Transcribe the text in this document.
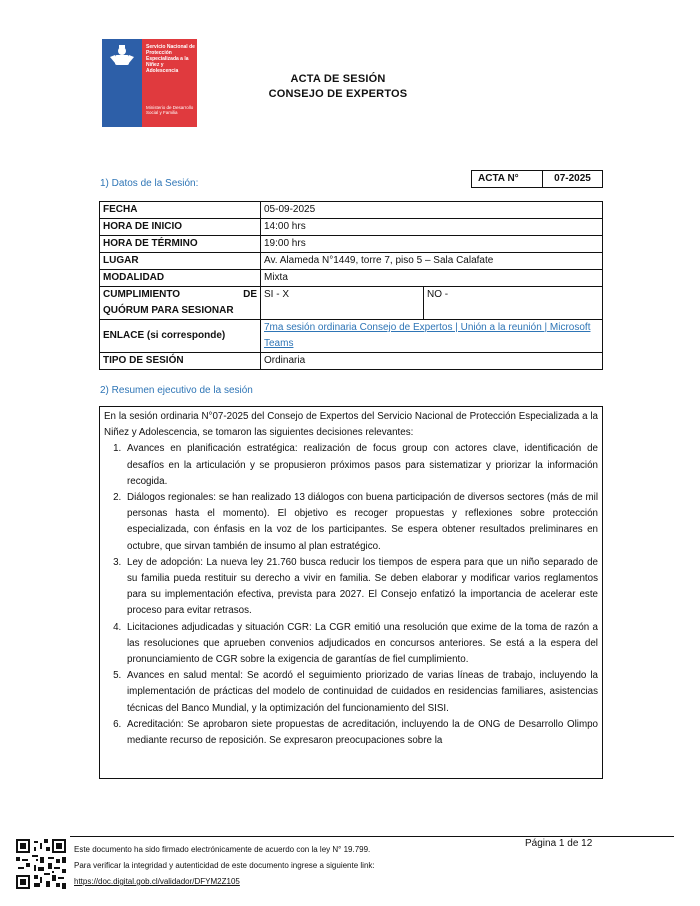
Servicio Nacional de Protección Especializada a la Niñez y Adolescencia
Ministerio de Desarrollo Social y Familia
ACTA DE SESIÓN
CONSEJO DE EXPERTOS
1) Datos de la Sesión:	ACTA N°	07-2025
FECHA	05-09-2025	
HORA DE INICIO	14:00 hrs	
HORA DE TÉRMINO	19:00 hrs	
LUGAR	Av. Alameda N°1449, torre 7, piso 5 – Sala Calafate	
MODALIDAD	Mixta	

CUMPLIMIENTO DE
QUÓRUM PARA SESIONAR	SI - X	NO -
ENLACE (si corresponde)	7ma sesión ordinaria Consejo de Expertos | Unión a la reunión | Microsoft Teams	
TIPO DE SESIÓN	Ordinaria	
2) Resumen ejecutivo de la sesión

En la sesión ordinaria N°07-2025 del Consejo de Expertos del Servicio Nacional de Protección Especializada a la Niñez y Adolescencia, se tomaron las siguientes decisiones relevantes:

1. Avances en planificación estratégica: realización de focus group con actores clave, identificación de desafíos en la articulación y se propusieron próximos pasos para sistematizar y priorizar la información recogida.
2. Diálogos regionales: se han realizado 13 diálogos con buena participación de diversos sectores (más de mil personas hasta el momento). El objetivo es recoger propuestas y reflexiones sobre protección especializada, con énfasis en la voz de los participantes. Se espera obtener resultados preliminares en octubre, que sirvan también de insumo al plan estratégico.
3. Ley de adopción: La nueva ley 21.760 busca reducir los tiempos de espera para que un niño separado de su familia pueda restituir su derecho a vivir en familia. Se deben elaborar y modificar varios reglamentos para su implementación efectiva, prevista para 2027. El Consejo enfatizó la importancia de acelerar este proceso para evitar retrasos.
4. Licitaciones adjudicadas y situación CGR: La CGR emitió una resolución que exime de la toma de razón a las resoluciones que aprueben convenios adjudicados en concursos anteriores. Se está a la espera del pronunciamiento de CGR sobre la exigencia de garantías de fiel cumplimiento.
5. Avances en salud mental: Se acordó el seguimiento priorizado de varias líneas de trabajo, incluyendo la implementación de prácticas del modelo de continuidad de cuidados en residencias familiares, asistencias técnicas del Banco Mundial, y la optimización del funcionamiento del SISI.
6. Acreditación: Se aprobaron siete propuestas de acreditación, incluyendo la de ONG de Desarrollo Olimpo mediante recurso de reposición. Se expresaron preocupaciones sobre la
Este documento ha sido firmado electrónicamente de acuerdo con la ley N° 19.799.
Para verificar la integridad y autenticidad de este documento ingrese a siguiente link:
https://doc.digital.gob.cl/validador/DFYM2Z105
Página 1 de 12
